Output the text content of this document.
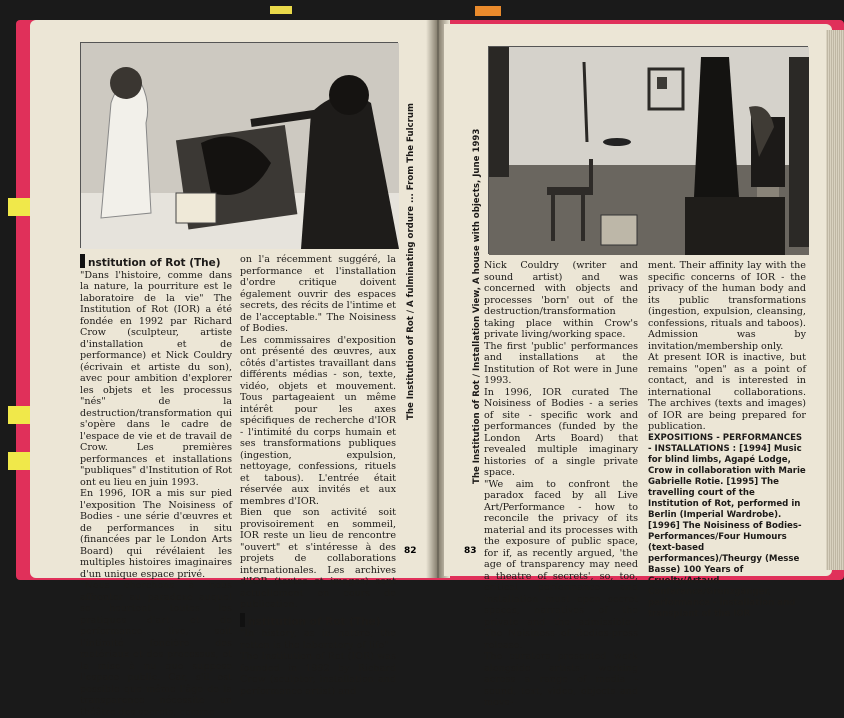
nstitution of Rot (The)

"Dans l'histoire, comme dans la nature, la pourriture est le laboratoire de la vie" The Institution of Rot (IOR) a été fondée en 1992 par Richard Crow (sculpteur, artiste d'installation et de performance) et Nick Couldry (écrivain et artiste du son), avec pour ambition d'explorer les objets et les processus "nés" de la destruction/transformation qui s'opère dans le cadre de l'espace de vie et de travail de Crow. Les premières performances et installations "publiques" d'Institution of Rot ont eu lieu en juin 1993.

En 1996, IOR a mis sur pied l'exposition The Noisiness of Bodies - une série d'œuvres et de performances in situ (financées par le London Arts Board) qui révélaient les multiples histoires imaginaires d'un unique espace privé.

"Nous cherchons à nous affronter au paradoxe auquel se heurtent toutes les pratiques d'art et de performance live, soit l'intimité foncière des matériaux et des processus, et la mise à nu que suppose l'espace public. Car, s'il est possible que même l'âge de la transparence nécessite un théâtre des secrets, comme

on l'a récemment suggéré, la performance et l'installation d'ordre critique doivent également ouvrir des espaces secrets, des récits de l'intime et de l'acceptable." The Noisiness of Bodies.

Les commissaires d'exposition ont présenté des œuvres, aux côtés d'artistes travaillant dans différents médias - son, texte, vidéo, objets et mouvement. Tous partageaient un même intérêt pour les axes spécifiques de recherche d'IOR - l'intimité du corps humain et ses transformations publiques (ingestion, expulsion, nettoyage, confessions, rituels et tabous). L'entrée était réservée aux invités et aux membres d'IOR.

Bien que son activité soit provisoirement en sommeil, IOR reste un lieu de rencontre "ouvert" et s'intéresse à des projets de collaborations internationales. Les archives d'IOR (textes et images) sont actuellement en cours de publication.

nstitution of Rot (The)

"In history, as in nature, the rotten is the laboratory of life"

The Institution of Rot (IOR) was founded in 1992 by Richard Crow (sculptor, installation and performance artist) and

The Institution of Rot / A fulminating ordure ... From The Fulcrum
82
The Institution of Rot / Installation View, A house with objects, June 1993 Nick Couldry (writer and sound artist) and was concerned with objects and processes 'born' out of the destruction/transformation taking place within Crow's private living/working space.

The first 'public' performances and installations at the Institution of Rot were in June 1993.

In 1996, IOR curated The Noisiness of Bodies - a series of site - specific work and performances (funded by the London Arts Board) that revealed multiple imaginary histories of a single private space.

"We aim to confront the paradox faced by all Live Art/Performance - how to reconcile the privacy of its material and its processes with the exposure of public space, for if, as recently argued, 'the age of transparency may need a theatre of secrets', so, too, critical performance and installation must open secret spaces, narratives of the private and the admissible". The Noisiness of Bodies-press release.

The curators presented work alongside artists working across a range of media - sound, text, video, objects and move-

ment. Their affinity lay with the specific concerns of IOR - the privacy of the human body and its public transformations (ingestion, expulsion, cleansing, confessions, rituals and taboos). Admission was by invitation/membership only.

At present IOR is inactive, but remains "open" as a point of contact, and is interested in international collaborations. The archives (texts and images) of IOR are being prepared for publication.

EXPOSITIONS - PERFORMANCES - INSTALLATIONS : [1994] Music for blind limbs, Agapé Lodge, Crow in collaboration with Marie Gabrielle Rotie. [1995] The travelling court of the Institution of Rot, performed in Berlin (Imperial Wardrobe). [1996] The Noisiness of Bodies-Performances/Four Humours (text-based performances)/Theurgy (Messe Basse) 100 Years of Cruelty/Artaud Conference/Grenzgänger, performance - installation and transplant of the IOR

83
